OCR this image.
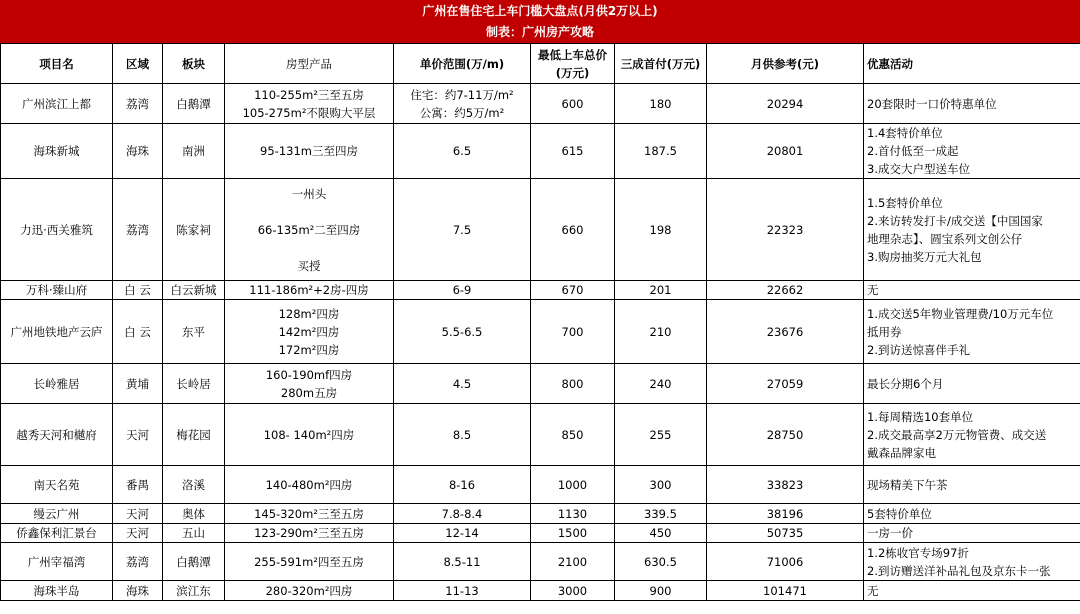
广州在售住宅上车门槛大盘点(月供2万以上)
制表：广州房产攻略
项目名	区域	板块	房型产品	单价范围(万/m)	最低上车总价(万元)	三成首付(万元)	月供参考(元)	优惠活动
广州滨江上都	荔湾	白鹅潭	110-255m²三至五房
105-275m²不限购大平层	住宅：约7-11万/m²
公寓：约5万/m²	600	180	20294	20套限时一口价特惠单位

海珠新城	海珠	南洲	95-131m三至四房	6.5	615	187.5	20801	1.4套特价单位
2.首付低至一成起
3.成交大户型送车位

力迅·西关雅筑	荔湾	陈家祠	一州头
66-135m²二至四房
买授	7.5	660	198	22323	1.5套特价单位
2.来访转发打卡/成交送【中国国家
地理杂志】、圆宝系列文创公仔
3.购房抽奖万元大礼包

万科·臻山府	白 云	白云新城	111-186m²+2房-四房	6-9	670	201	22662	无

广州地铁地产云庐	白 云	东平	128m²四房
142m²四房
172m²四房	5.5-6.5	700	210	23676	1.成交送5年物业管理费/10万元车位
抵用券
2.到访送惊喜伴手礼

长岭雅居	黄埔	长岭居	160-190mf四房
280m五房	4.5	800	240	27059	最长分期6个月

越秀天河和樾府	天河	梅花园	108- 140m²四房	8.5	850	255	28750	1.每周精选10套单位
2.成交最高享2万元物管费、成交送
戴森品牌家电

南天名苑	番禺	洛溪	140-480m²四房	8-16	1000	300	33823	现场精美下午茶

缦云广州	天河	奥体	145-320m²三至五房	7.8-8.4	1130	339.5	38196	5套特价单位

侨鑫保利汇景台	天河	五山	123-290m²三至五房	12-14	1500	450	50735	一房一价

广州宰福湾	荔湾	白鹅潭	255-591m²四至五房	8.5-11	2100	630.5	71006	1.2栋收官专场97折
2.到访赠送洋补品礼包及京东卡一张

海珠半岛	海珠	滨江东	280-320m²四房	11-13	3000	900	101471	无
